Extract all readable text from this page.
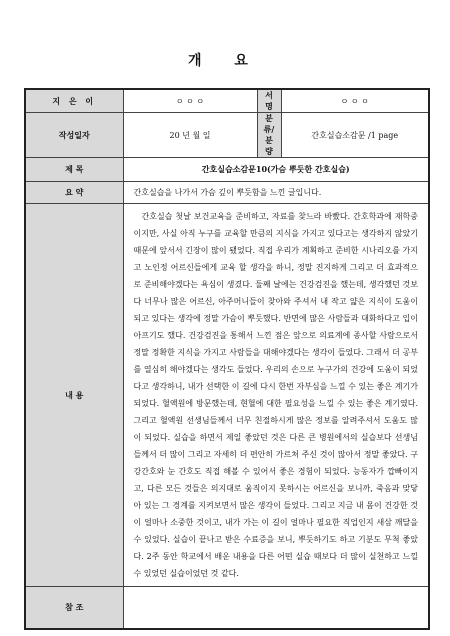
개 요
지 은 이	ㅇ ㅇ ㅇ	서 명	ㅇ ㅇ ㅇ
작성일자	20 년 월 일	분류/분량	간호실습소감문 /1 page
제 목	간호실습소감문10(가슴 뿌듯한 간호실습)		
요 약	간호실습을 나가서 가슴 깊이 뿌듯함을 느낀 글입니다.		
내 용	간호실습 첫날 보건교육을 준비하고, 자료를 찾느라 바빴다. 간호학과에 재학중이지만, 사실 아직 누구를 교육할 만큼의 지식을 가지고 있다고는 생각하지 않았기 때문에 앞서서 긴장이 많이 됐었다. 직접 우리가 계획하고 준비한 시나리오를 가지고 노인정 어르신들에게 교육 할 생각을 하니, 정말 진지하게 그리고 더 효과적으로 준비해야겠다는 욕심이 생겼다. 둘째 날에는 건강검진을 했는데, 생각했던 것보다 너무나 많은 어르신, 아주머니들이 찾아와 주셔서 내 작고 얇은 지식이 도움이 되고 있다는 생각에 정말 가슴이 뿌듯했다. 반면에 많은 사람들과 대화하다고 입이 아프기도 했다. 건강검진을 통해서 느낀 점은 앞으로 의료계에 종사할 사람으로서 정말 정확한 지식을 가지고 사람들을 대해야겠다는 생각이 들었다. 그래서 더 공부를 열심히 해야겠다는 생각도 들었다. 우리의 손으로 누구가의 건강에 도움이 되었다고 생각하니, 내가 선택한 이 길에 다시 한번 자부심을 느낄 수 있는 좋은 계기가 되었다. 혈액원에 방문했는데, 현혈에 대한 필요성을 느낄 수 있는 좋은 계기였다. 그리고 혈액원 선생님들께서 너무 친절하시게 많은 정보를 알려주셔서 도움도 많이 되었다. 실습을 하면서 제일 좋았던 것은 다른 큰 병원에서의 실습보다 선생님들께서 더 많이 그리고 자세히 더 편안히 가르쳐 주신 것이 많아서 정말 좋았다. 구강간호와 눈 간호도 직접 해볼 수 있어서 좋은 경험이 되었다. 능동자가 깝빠이지고, 다른 모든 것들은 의지대로 움직이지 못하시는 어르신을 보니까, 죽음과 맞닿아 있는 그 경계를 지켜보면서 많은 생각이 들었다. 그리고 지금 내 몸이 건강한 것이 얼마나 소중한 것이고, 내가 가는 이 길이 얼마나 필요한 직업인지 새삼 깨달을 수 있었다. 실습이 끝나고 받은 수료증을 보니, 뿌듯하기도 하고 기분도 무척 좋았다. 2주 동안 학교에서 배운 내용을 다른 어떤 실습 때보다 더 많이 실천하고 느낄 수 있었던 실습이었던 것 같다.		
참 조			
